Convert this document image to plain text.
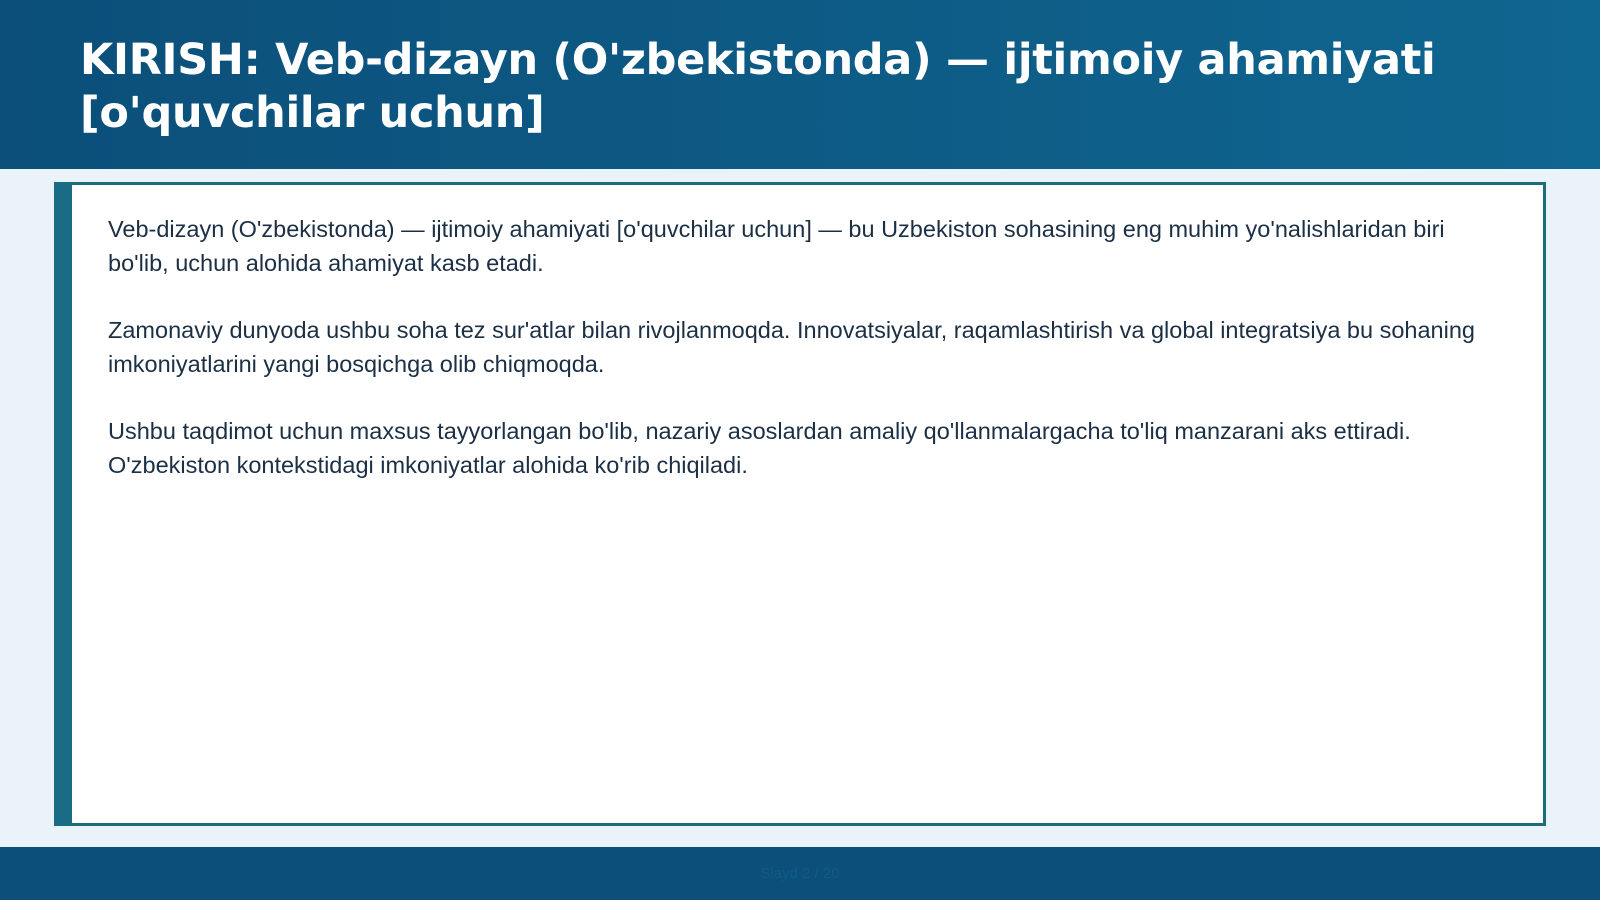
KIRISH: Veb-dizayn (O'zbekistonda) — ijtimoiy ahamiyati [o'quvchilar uchun]

Veb-dizayn (O'zbekistonda) — ijtimoiy ahamiyati [o'quvchilar uchun] — bu Uzbekiston sohasining eng muhim yo'nalishlaridan biri bo'lib, uchun alohida ahamiyat kasb etadi.

Zamonaviy dunyoda ushbu soha tez sur'atlar bilan rivojlanmoqda. Innovatsiyalar, raqamlashtirish va global integratsiya bu sohaning imkoniyatlarini yangi bosqichga olib chiqmoqda.

Ushbu taqdimot uchun maxsus tayyorlangan bo'lib, nazariy asoslardan amaliy qo'llanmalargacha to'liq manzarani aks ettiradi. O'zbekiston kontekstidagi imkoniyatlar alohida ko'rib chiqiladi.

Slayd 2 / 20
